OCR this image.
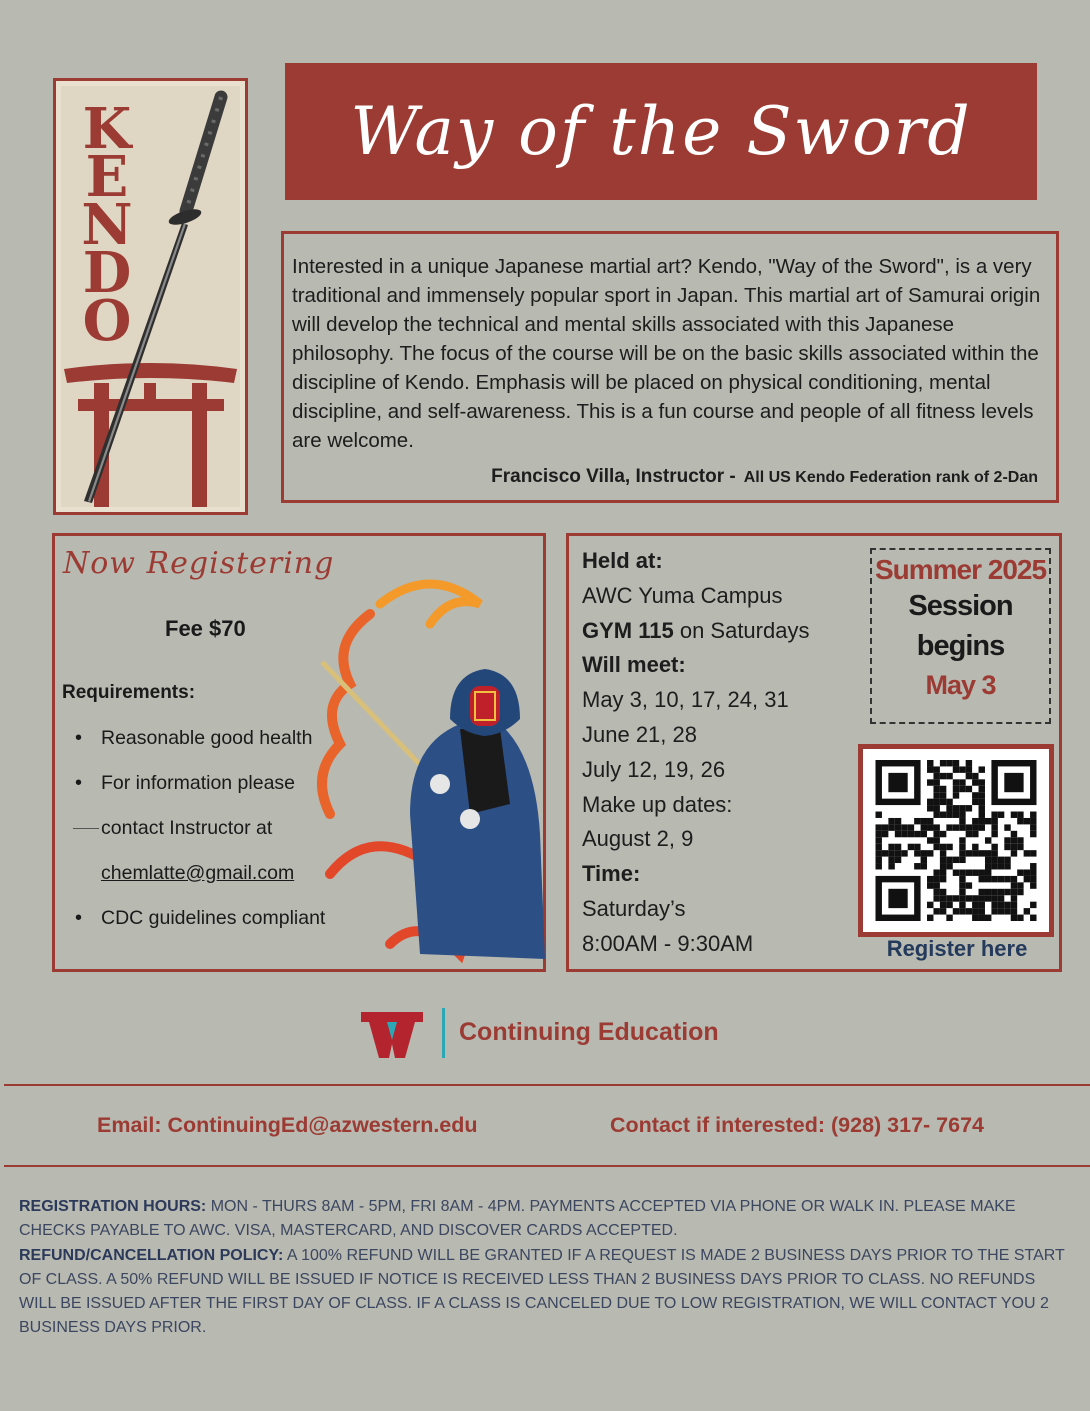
K
E
N
D
O
Way of the Sword
Interested in a unique Japanese martial art? Kendo, "Way of the Sword", is a very traditional and immensely popular sport in Japan. This martial art of Samurai origin will develop the technical and mental skills associated with this Japanese philosophy. The focus of the course will be on the basic skills associated within the discipline of Kendo. Emphasis will be placed on physical conditioning, mental discipline, and self-awareness. This is a fun course and people of all fitness levels are welcome.
Francisco Villa, Instructor - All US Kendo Federation rank of 2-Dan
Now Registering
Fee $70
Requirements:
• Reasonable good health
• For information please
contact Instructor at
chemlatte@gmail.com
• CDC guidelines compliant
Held at:
AWC Yuma Campus
GYM 115 on Saturdays
Will meet:
May 3, 10, 17, 24, 31
June 21, 28
July 12, 19, 26
Make up dates:
August 2, 9
Time:
Saturday’s
8:00AM - 9:30AM
Summer 2025
Session
begins
May 3
Register here
Continuing Education
Email: ContinuingEd@azwestern.edu	Contact if interested: (928) 317- 7674
REGISTRATION HOURS: MON - THURS 8AM - 5PM, FRI 8AM - 4PM. PAYMENTS ACCEPTED VIA PHONE OR WALK IN. PLEASE MAKE CHECKS PAYABLE TO AWC. VISA, MASTERCARD, AND DISCOVER CARDS ACCEPTED.
REFUND/CANCELLATION POLICY: A 100% REFUND WILL BE GRANTED IF A REQUEST IS MADE 2 BUSINESS DAYS PRIOR TO THE START OF CLASS. A 50% REFUND WILL BE ISSUED IF NOTICE IS RECEIVED LESS THAN 2 BUSINESS DAYS PRIOR TO CLASS. NO REFUNDS WILL BE ISSUED AFTER THE FIRST DAY OF CLASS. IF A CLASS IS CANCELED DUE TO LOW REGISTRATION, WE WILL CONTACT YOU 2 BUSINESS DAYS PRIOR.
